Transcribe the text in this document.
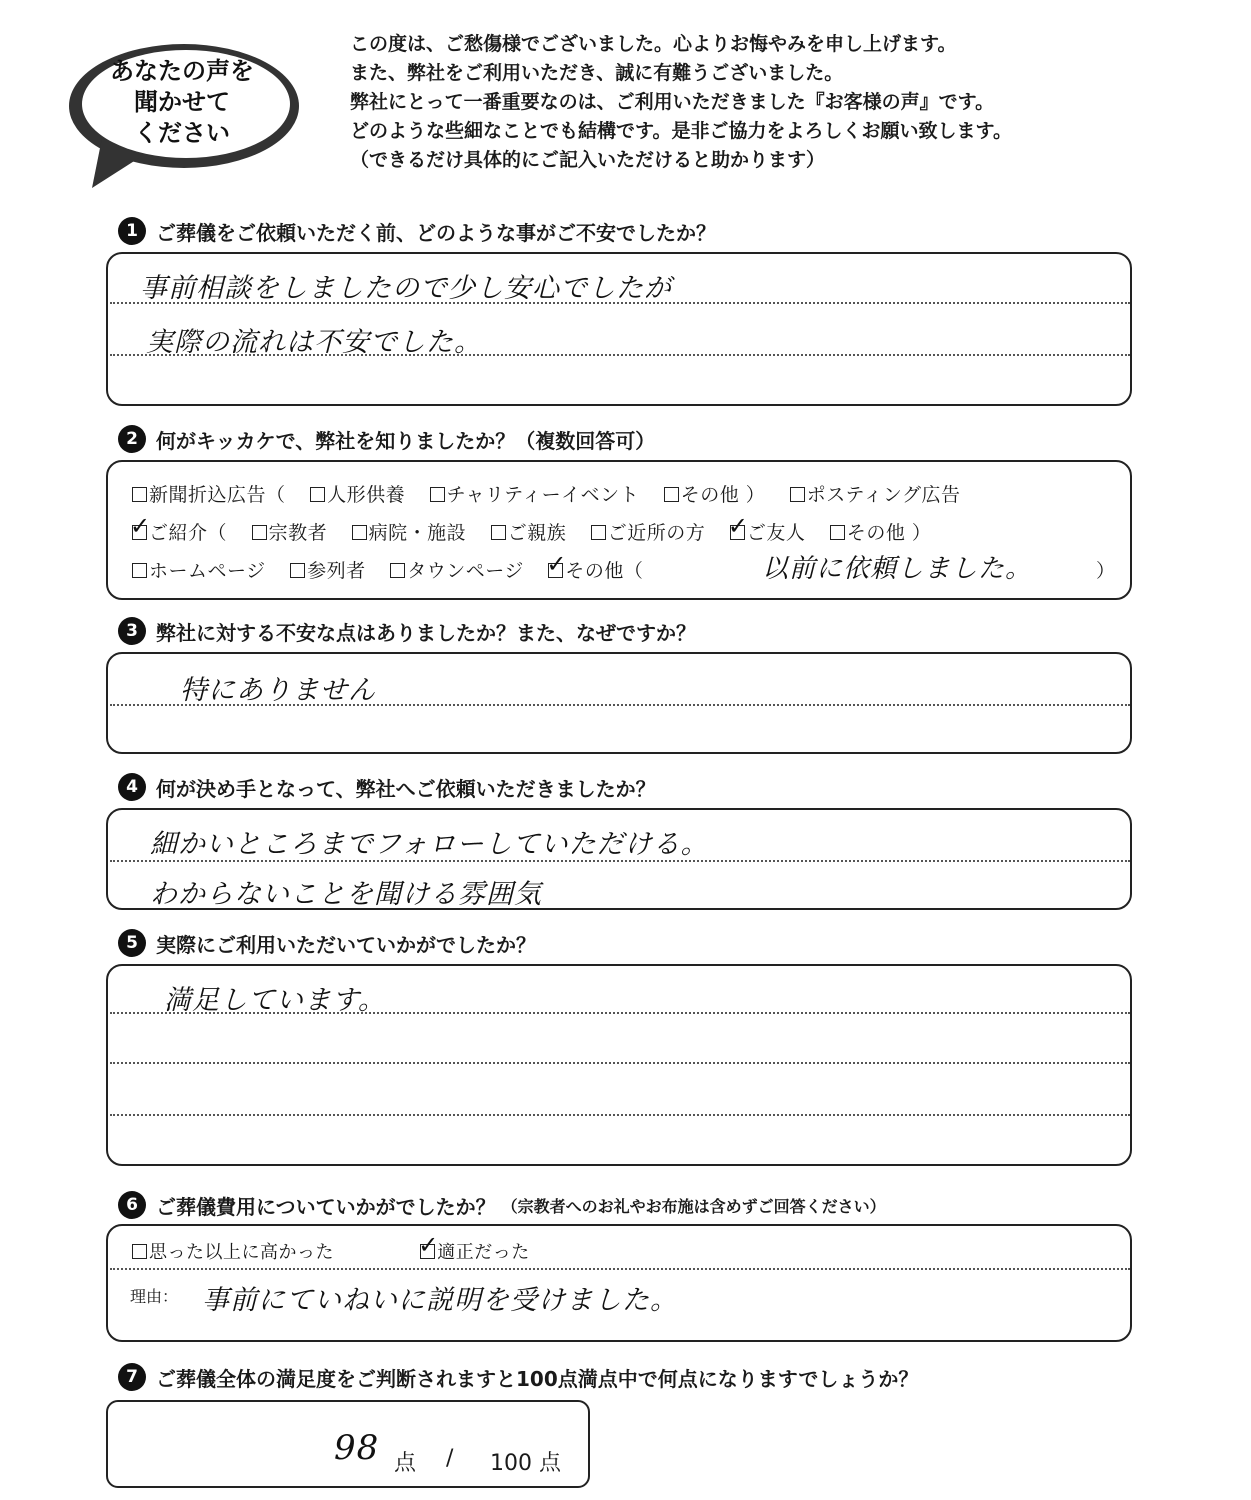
あなたの声を
聞かせて
ください
この度は、ご愁傷様でございました。心よりお悔やみを申し上げます。
また、弊社をご利用いただき、誠に有難うございました。
弊社にとって一番重要なのは、ご利用いただきました『お客様の声』です。
どのような些細なことでも結構です。是非ご協力をよろしくお願い致します。
（できるだけ具体的にご記入いただけると助かります）
1 ご葬儀をご依頼いただく前、どのような事がご不安でしたか？
事前相談をしましたので少し安心でしたが
実際の流れは不安でした。
2 何がキッカケで、弊社を知りましたか？（複数回答可）
新聞折込広告（ 人形供養 チャリティーイベント その他 ） ポスティング広告
✓ご紹介（ 宗教者 病院・施設 ご親族 ご近所の方 ✓ ご友人 その他 ）
ホームページ 参列者 タウンページ ✓ その他（	以前に依頼しました。	）
3 弊社に対する不安な点はありましたか？また、なぜですか？
特にありません
4 何が決め手となって、弊社へご依頼いただきましたか？
細かいところまでフォローしていただける。
わからないことを聞ける雰囲気
5 実際にご利用いただいていかがでしたか？
満足しています。
6 ご葬儀費用についていかがでしたか？ （宗教者へのお礼やお布施は含めずご回答ください）
思った以上に高かった ✓	適正だった
理由： 事前にていねいに説明を受けました。
7 ご葬儀全体の満足度をご判断されますと100点満点中で何点になりますでしょうか？
98 点 / 100 点
